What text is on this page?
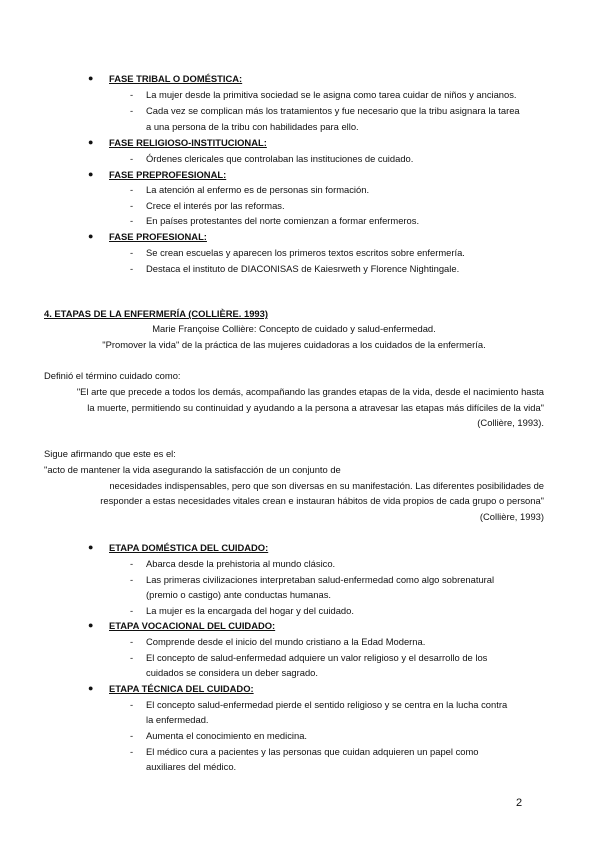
● FASE TRIBAL O DOMÉSTICA:
- La mujer desde la primitiva sociedad se le asigna como tarea cuidar de niños y ancianos.
- Cada vez se complican más los tratamientos y fue necesario que la tribu asignara la tarea
a una persona de la tribu con habilidades para ello.
● FASE RELIGIOSO-INSTITUCIONAL:
- Órdenes clericales que controlaban las instituciones de cuidado.
● FASE PREPROFESIONAL:
- La atención al enfermo es de personas sin formación.
- Crece el interés por las reformas.
- En países protestantes del norte comienzan a formar enfermeros.
● FASE PROFESIONAL:
- Se crean escuelas y aparecen los primeros textos escritos sobre enfermería.
- Destaca el instituto de DIACONISAS de Kaiesrweth y Florence Nightingale.
4. ETAPAS DE LA ENFERMERÍA (COLLIÈRE. 1993)
Marie Françoise Collière: Concepto de cuidado y salud-enfermedad.
"Promover la vida" de la práctica de las mujeres cuidadoras a los cuidados de la enfermería.
Definió el término cuidado como:
"El arte que precede a todos los demás, acompañando las grandes etapas de la vida, desde el nacimiento hasta
la muerte, permitiendo su continuidad y ayudando a la persona a atravesar las etapas más difíciles de la vida"
(Collière, 1993).
Sigue afirmando que este es el:
"acto de mantener la vida asegurando la satisfacción de un conjunto de
necesidades indispensables, pero que son diversas en su manifestación. Las diferentes posibilidades de
responder a estas necesidades vitales crean e instauran hábitos de vida propios de cada grupo o persona"
(Collière, 1993)
● ETAPA DOMÉSTICA DEL CUIDADO:
- Abarca desde la prehistoria al mundo clásico.
- Las primeras civilizaciones interpretaban salud-enfermedad como algo sobrenatural
(premio o castigo) ante conductas humanas.
- La mujer es la encargada del hogar y del cuidado.
● ETAPA VOCACIONAL DEL CUIDADO:
- Comprende desde el inicio del mundo cristiano a la Edad Moderna.
- El concepto de salud-enfermedad adquiere un valor religioso y el desarrollo de los
cuidados se considera un deber sagrado.
● ETAPA TÉCNICA DEL CUIDADO:
- El concepto salud-enfermedad pierde el sentido religioso y se centra en la lucha contra
la enfermedad.
- Aumenta el conocimiento en medicina.
- El médico cura a pacientes y las personas que cuidan adquieren un papel como
auxiliares del médico.
2
